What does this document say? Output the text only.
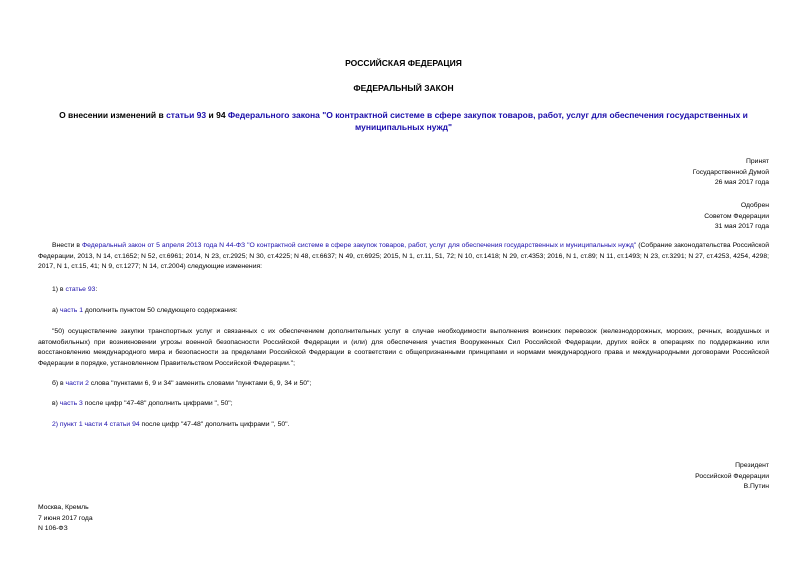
РОССИЙСКАЯ ФЕДЕРАЦИЯ
ФЕДЕРАЛЬНЫЙ ЗАКОН
О внесении изменений в статьи 93 и 94 Федерального закона "О контрактной системе в сфере закупок товаров, работ, услуг для обеспечения государственных и муниципальных нужд"
Принят
Государственной Думой
26 мая 2017 года
Одобрен
Советом Федерации
31 мая 2017 года
Внести в Федеральный закон от 5 апреля 2013 года N 44-ФЗ "О контрактной системе в сфере закупок товаров, работ, услуг для обеспечения государственных и муниципальных нужд" (Собрание законодательства Российской Федерации, 2013, N 14, ст.1652; N 52, ст.6961; 2014, N 23, ст.2925; N 30, ст.4225; N 48, ст.6637; N 49, ст.6925; 2015, N 1, ст.11, 51, 72; N 10, ст.1418; N 29, ст.4353; 2016, N 1, ст.89; N 11, ст.1493; N 23, ст.3291; N 27, ст.4253, 4254, 4298; 2017, N 1, ст.15, 41; N 9, ст.1277; N 14, ст.2004) следующие изменения:
1) в статье 93:
а) часть 1 дополнить пунктом 50 следующего содержания:
"50) осуществление закупки транспортных услуг и связанных с их обеспечением дополнительных услуг в случае необходимости выполнения воинских перевозок (железнодорожных, морских, речных, воздушных и автомобильных) при возникновении угрозы военной безопасности Российской Федерации и (или) для обеспечения участия Вооруженных Сил Российской Федерации, других войск в операциях по поддержанию или восстановлению международного мира и безопасности за пределами Российской Федерации в соответствии с общепризнанными принципами и нормами международного права и международными договорами Российской Федерации в порядке, установленном Правительством Российской Федерации.";
б) в части 2 слова "пунктами 6, 9 и 34" заменить словами "пунктами 6, 9, 34 и 50";
в) часть 3 после цифр "47-48" дополнить цифрами ", 50";
2) пункт 1 части 4 статьи 94 после цифр "47-48" дополнить цифрами ", 50".
Президент
Российской Федерации
В.Путин
Москва, Кремль
7 июня 2017 года
N 106-ФЗ
